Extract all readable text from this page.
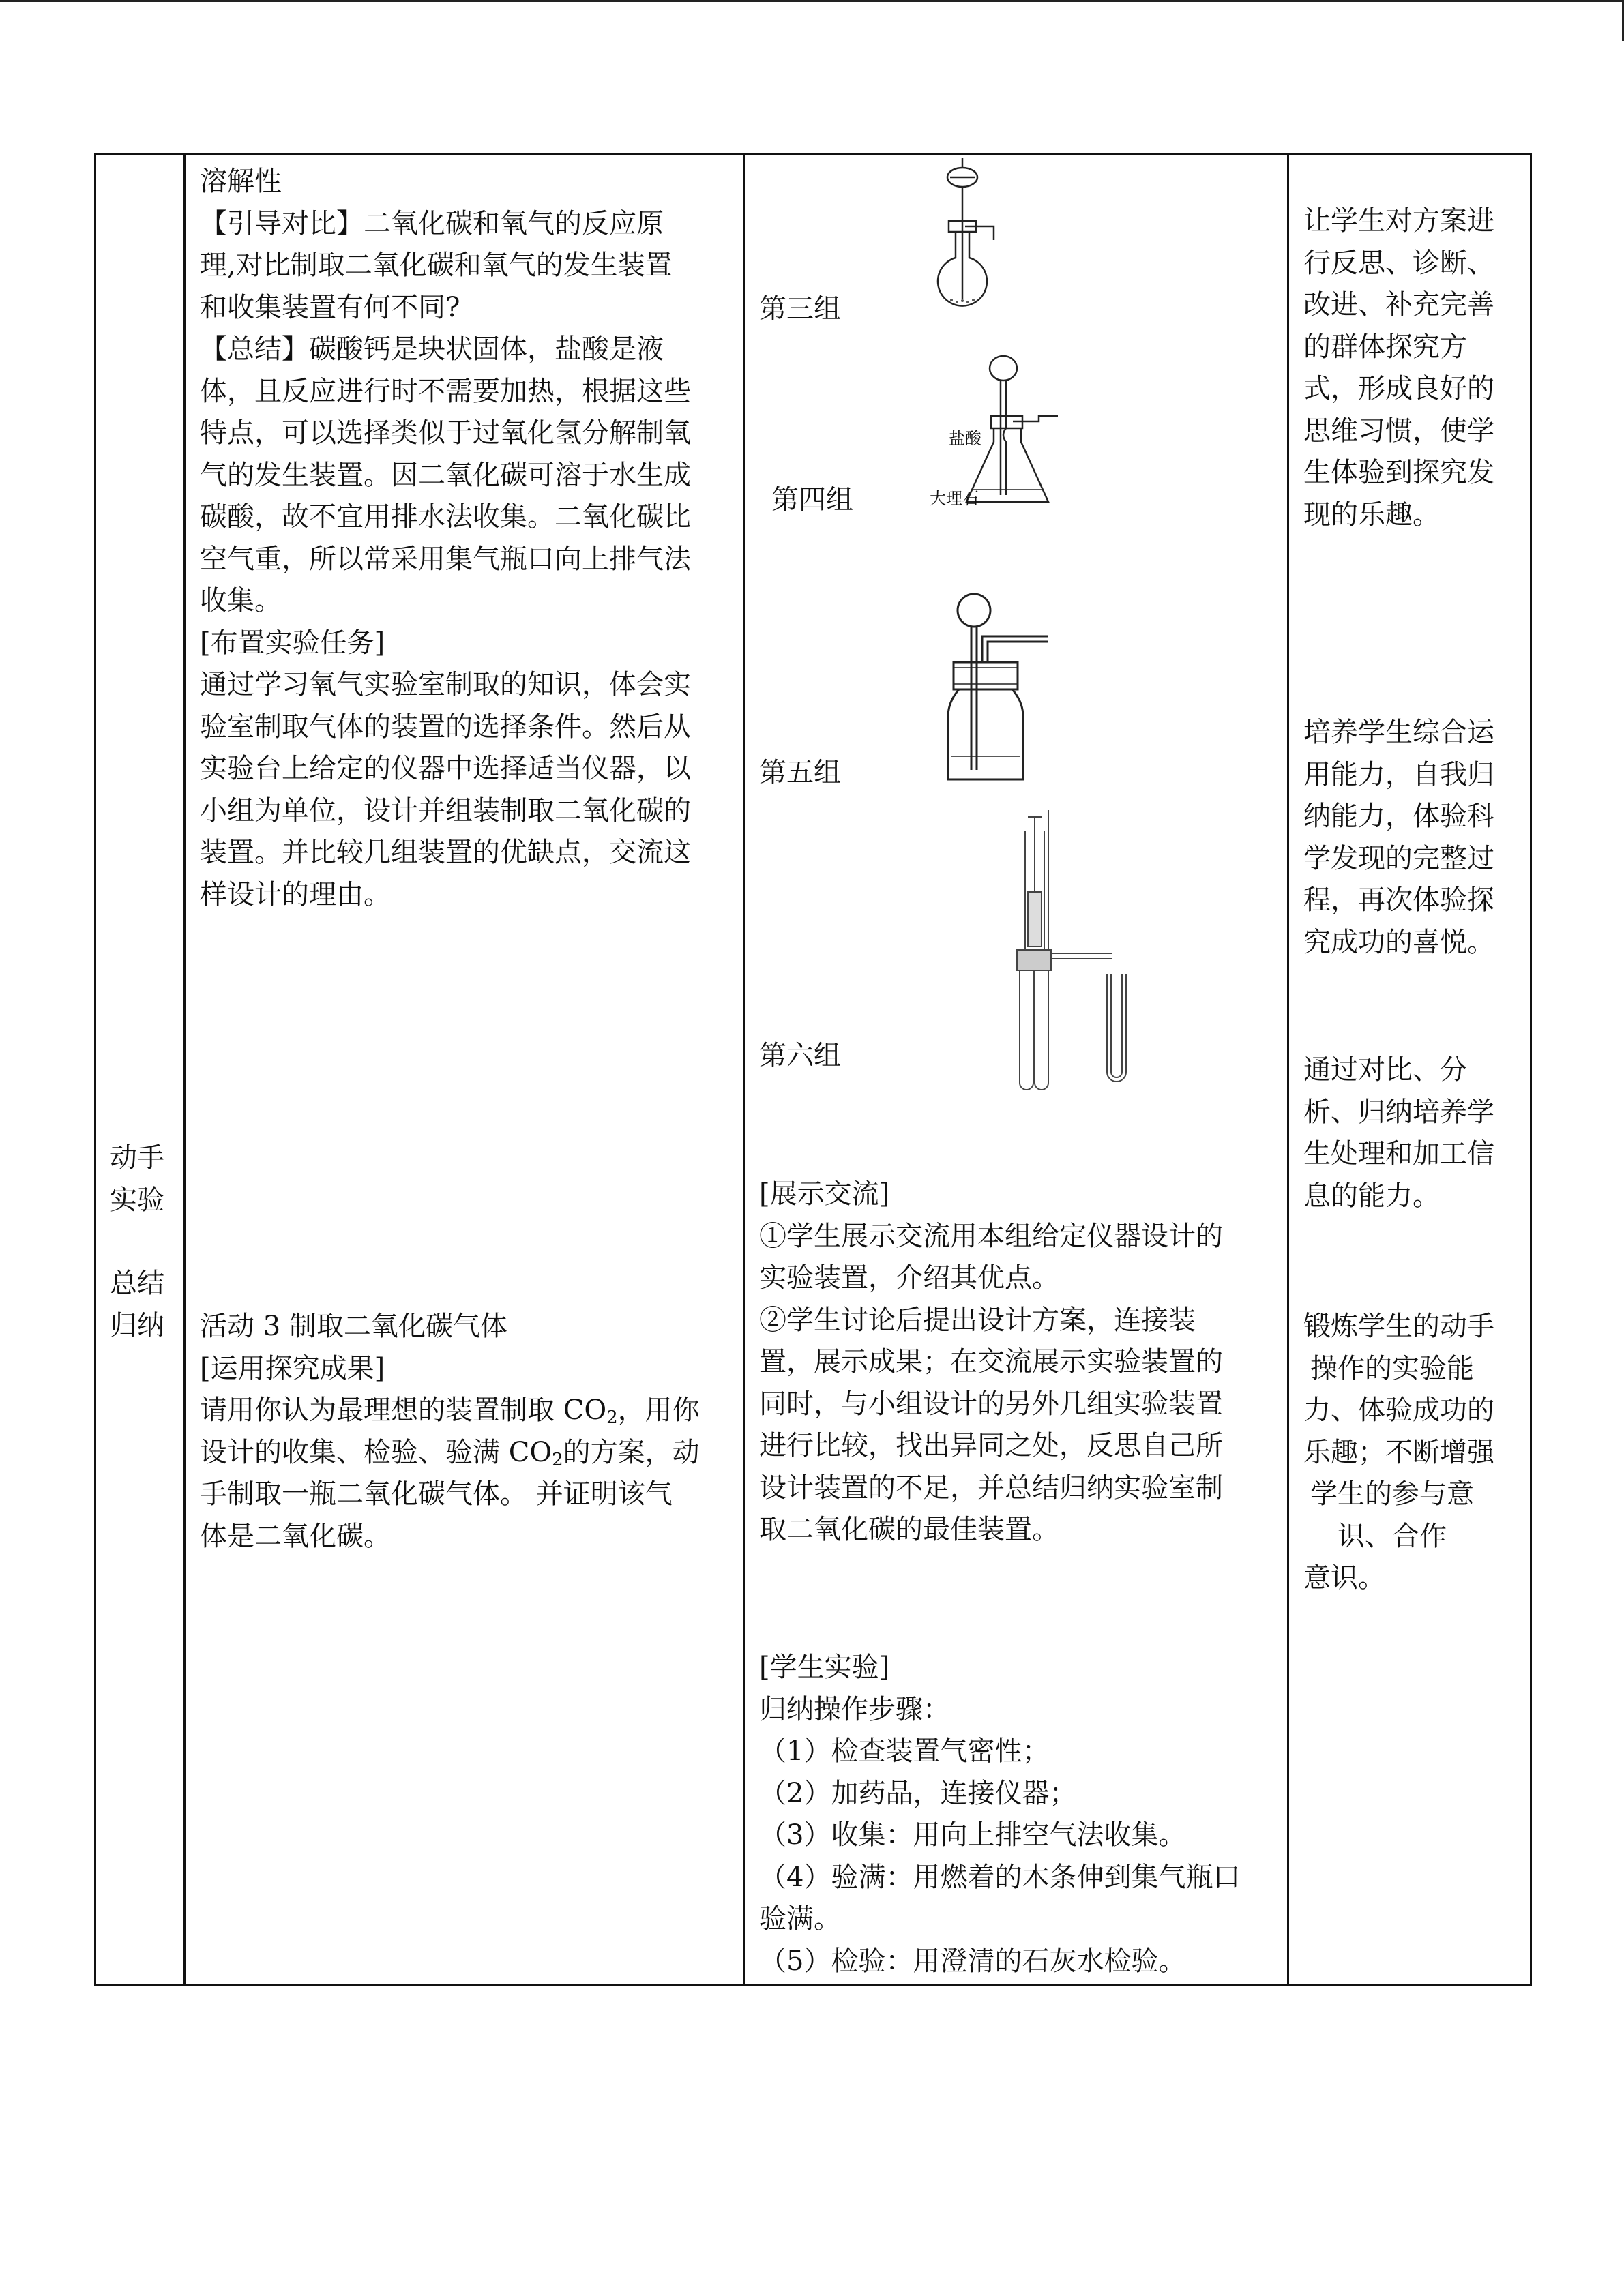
动手
实验
总结
归纳
溶解性
【引导对比】二氧化碳和氧气的反应原
理,对比制取二氧化碳和氧气的发生装置
和收集装置有何不同?
【总结】碳酸钙是块状固体，盐酸是液
体，且反应进行时不需要加热，根据这些
特点，可以选择类似于过氧化氢分解制氧
气的发生装置。因二氧化碳可溶于水生成
碳酸，故不宜用排水法收集。二氧化碳比
空气重，所以常采用集气瓶口向上排气法
收集。
[布置实验任务]
通过学习氧气实验室制取的知识，体会实
验室制取气体的装置的选择条件。然后从
实验台上给定的仪器中选择适当仪器，以
小组为单位，设计并组装制取二氧化碳的
装置。并比较几组装置的优缺点，交流这
样设计的理由。
活动 3 制取二氧化碳气体
[运用探究成果]
请用你认为最理想的装置制取 $CO_2$，用你
设计的收集、检验、验满 $CO_2$的方案，动
手制取一瓶二氧化碳气体。 并证明该气
体是二氧化碳。
第三组
第四组
第五组
第六组
盐酸
大理石
[展示交流]
①学生展示交流用本组给定仪器设计的
实验装置，介绍其优点。
②学生讨论后提出设计方案，连接装
置，展示成果；在交流展示实验装置的
同时，与小组设计的另外几组实验装置
进行比较，找出异同之处，反思自己所
设计装置的不足，并总结归纳实验室制
取二氧化碳的最佳装置。
[学生实验]
归纳操作步骤：
（1）检查装置气密性；
（2）加药品，连接仪器；
（3）收集：用向上排空气法收集。
（4）验满：用燃着的木条伸到集气瓶口
验满。
（5）检验：用澄清的石灰水检验。
让学生对方案进
行反思、诊断、
改进、补充完善
的群体探究方
式，形成良好的
思维习惯，使学
生体验到探究发
现的乐趣。
培养学生综合运
用能力，自我归
纳能力，体验科
学发现的完整过
程，再次体验探
究成功的喜悦。
通过对比、分
析、归纳培养学
生处理和加工信
息的能力。
锻炼学生的动手
操作的实验能
力、体验成功的
乐趣；不断增强
学生的参与意
识、合作
意识。
